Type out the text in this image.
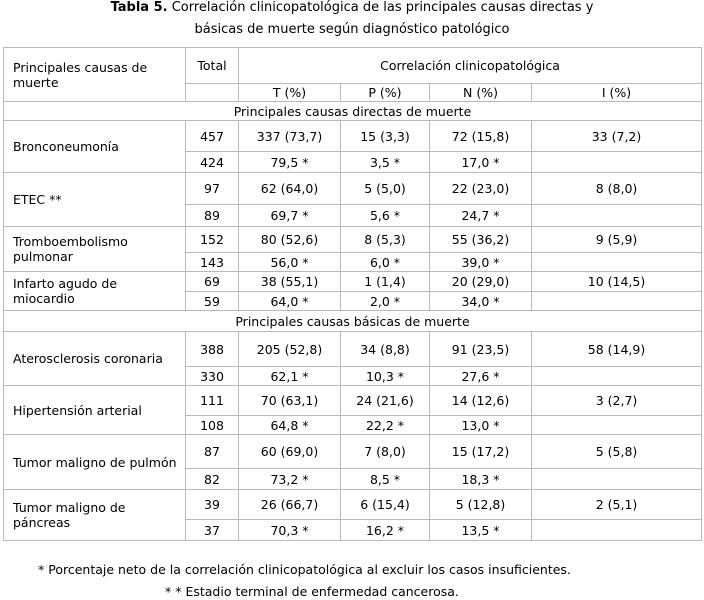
Tabla 5. Correlación clinicopatológica de las principales causas directas y
básicas de muerte según diagnóstico patológico
Principales causas de muerte	Total	Correlación clinicopatológica			
		T (%)	P (%)	N (%)	I (%)
Principales causas directas de muerte					
Bronconeumonía	457	337 (73,7)	15 (3,3)	72 (15,8)	33 (7,2)
	424	79,5 *	3,5 *	17,0 *	
ETEC **	97	62 (64,0)	5 (5,0)	22 (23,0)	8 (8,0)
	89	69,7 *	5,6 *	24,7 *	
Tromboembolismo pulmonar	152	80 (52,6)	8 (5,3)	55 (36,2)	9 (5,9)
	143	56,0 *	6,0 *	39,0 *	
Infarto agudo de miocardio	69	38 (55,1)	1 (1,4)	20 (29,0)	10 (14,5)
	59	64,0 *	2,0 *	34,0 *	
Principales causas básicas de muerte					
Aterosclerosis coronaria	388	205 (52,8)	34 (8,8)	91 (23,5)	58 (14,9)
	330	62,1 *	10,3 *	27,6 *	
Hipertensión arterial	111	70 (63,1)	24 (21,6)	14 (12,6)	3 (2,7)
	108	64,8 *	22,2 *	13,0 *	
Tumor maligno de pulmón	87	60 (69,0)	7 (8,0)	15 (17,2)	5 (5,8)
	82	73,2 *	8,5 *	18,3 *	
Tumor maligno de páncreas	39	26 (66,7)	6 (15,4)	5 (12,8)	2 (5,1)
	37	70,3 *	16,2 *	13,5 *	
* Porcentaje neto de la correlación clinicopatológica al excluir los casos insuficientes.
* * Estadio terminal de enfermedad cancerosa.
